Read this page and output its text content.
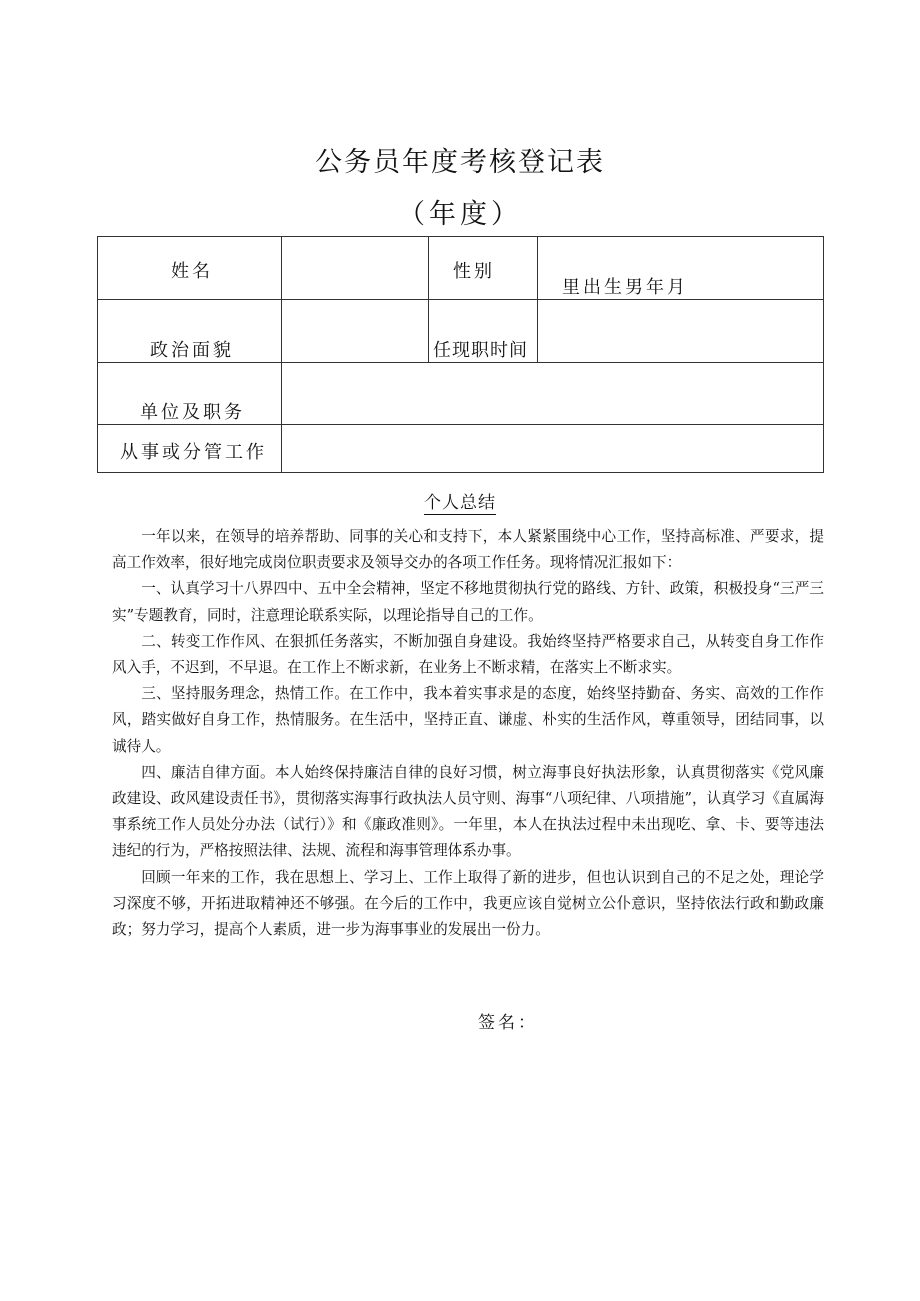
公务员年度考核登记表
（年度）
姓名		性别	里出生男年月

政治面貌		任现职时间	

单位及职务			

从事或分管工作			

个人总结

一年以来，在领导的培养帮助、同事的关心和支持下，本人紧紧围绕中心工作，坚持高标准、严要求，提高工作效率，很好地完成岗位职责要求及领导交办的各项工作任务。现将情况汇报如下：

一、认真学习十八界四中、五中全会精神，坚定不移地贯彻执行党的路线、方针、政策，积极投身“三严三实”专题教育，同时，注意理论联系实际，以理论指导自己的工作。

二、转变工作作风、在狠抓任务落实，不断加强自身建设。我始终坚持严格要求自己，从转变自身工作作风入手，不迟到，不早退。在工作上不断求新，在业务上不断求精，在落实上不断求实。

三、坚持服务理念，热情工作。在工作中，我本着实事求是的态度，始终坚持勤奋、务实、高效的工作作风，踏实做好自身工作，热情服务。在生活中，坚持正直、谦虚、朴实的生活作风，尊重领导，团结同事，以诚待人。

四、廉洁自律方面。本人始终保持廉洁自律的良好习惯，树立海事良好执法形象，认真贯彻落实《党风廉政建设、政风建设责任书》，贯彻落实海事行政执法人员守则、海事“八项纪律、八项措施”，认真学习《直属海事系统工作人员处分办法（试行）》和《廉政准则》。一年里，本人在执法过程中未出现吃、拿、卡、要等违法违纪的行为，严格按照法律、法规、流程和海事管理体系办事。

回顾一年来的工作，我在思想上、学习上、工作上取得了新的进步，但也认识到自己的不足之处，理论学习深度不够，开拓进取精神还不够强。在今后的工作中，我更应该自觉树立公仆意识，坚持依法行政和勤政廉政；努力学习，提高个人素质，进一步为海事事业的发展出一份力。

签名：
